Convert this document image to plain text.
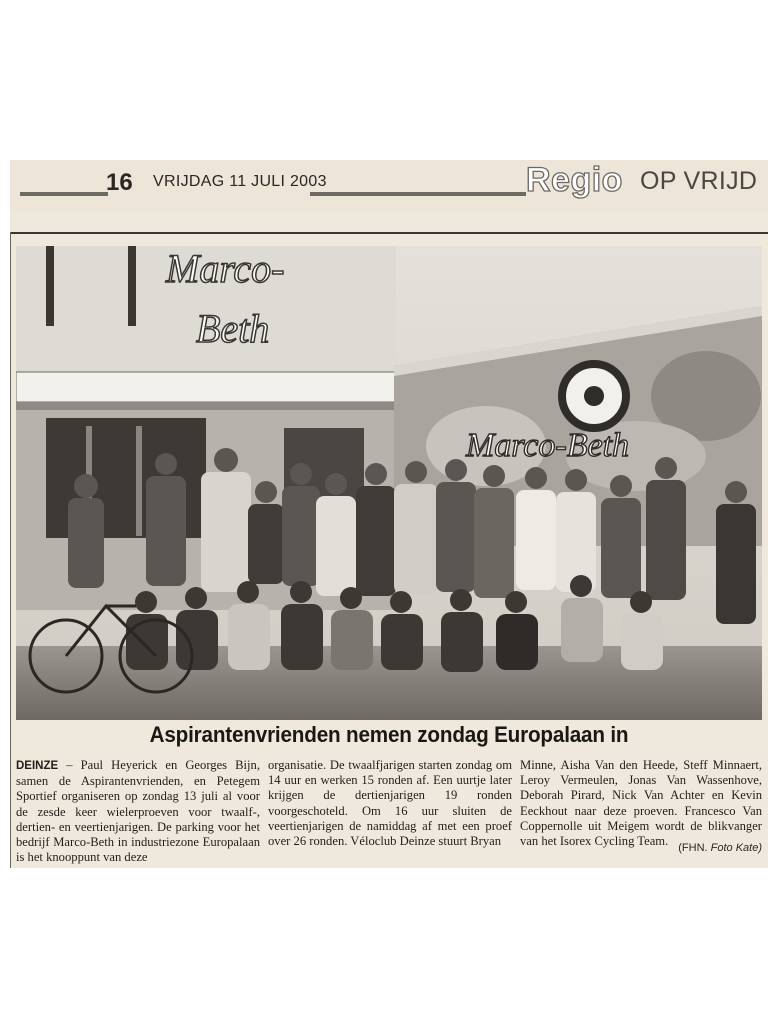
16 VRIJDAG 11 JULI 2003	Regio OP VRIJD
Marco-
Beth
Marco-Beth
Aspirantenvrienden nemen zondag Europalaan in

DEINZE – Paul Heyerick en Georges Bijn, samen de Aspirantenvrienden, en Petegem Sportief organiseren op zondag 13 juli al voor de zesde keer wielerproeven voor twaalf-, dertien- en veertienjarigen. De parking voor het bedrijf Marco-Beth in industriezone Europalaan is het knooppunt van deze

organisatie. De twaalfjarigen starten zondag om 14 uur en werken 15 ronden af. Een uurtje later krijgen de dertienjarigen 19 ronden voorgeschoteld. Om 16 uur sluiten de veertienjarigen de namiddag af met een proef over 26 ronden. Véloclub Deinze stuurt Bryan

Minne, Aisha Van den Heede, Steff Minnaert, Leroy Vermeulen, Jonas Van Wassenhove, Deborah Pirard, Nick Van Achter en Kevin Eeckhout naar deze proeven. Francesco Van Coppernolle uit Meigem wordt de blikvanger van het Isorex Cycling Team. (FHN. Foto Kate)
